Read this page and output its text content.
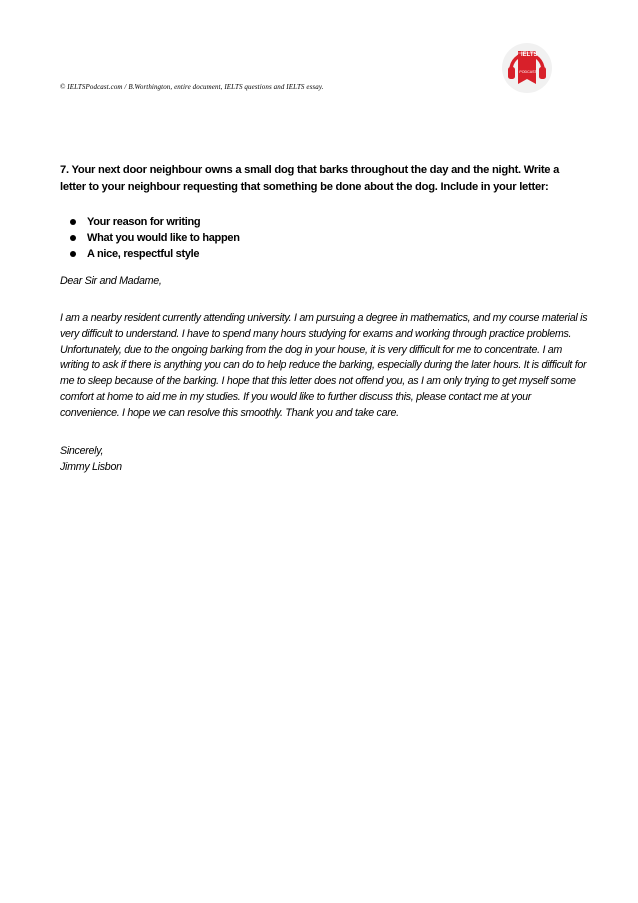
© IELTSPodcast.com / B.Worthington, entire document, IELTS questions and IELTS essay.
IELTS
PODCAST
7. Your next door neighbour owns a small dog that barks throughout the day and the night. Write a letter to your neighbour requesting that something be done about the dog. Include in your letter:
Your reason for writing
What you would like to happen
A nice, respectful style

Dear Sir and Madame,

I am a nearby resident currently attending university. I am pursuing a degree in mathematics, and my course material is very difficult to understand. I have to spend many hours studying for exams and working through practice problems. Unfortunately, due to the ongoing barking from the dog in your house, it is very difficult for me to concentrate. I am writing to ask if there is anything you can do to help reduce the barking, especially during the later hours. It is difficult for me to sleep because of the barking. I hope that this letter does not offend you, as I am only trying to get myself some comfort at home to aid me in my studies. If you would like to further discuss this, please contact me at your convenience. I hope we can resolve this smoothly. Thank you and take care.

Sincerely,

Jimmy Lisbon
